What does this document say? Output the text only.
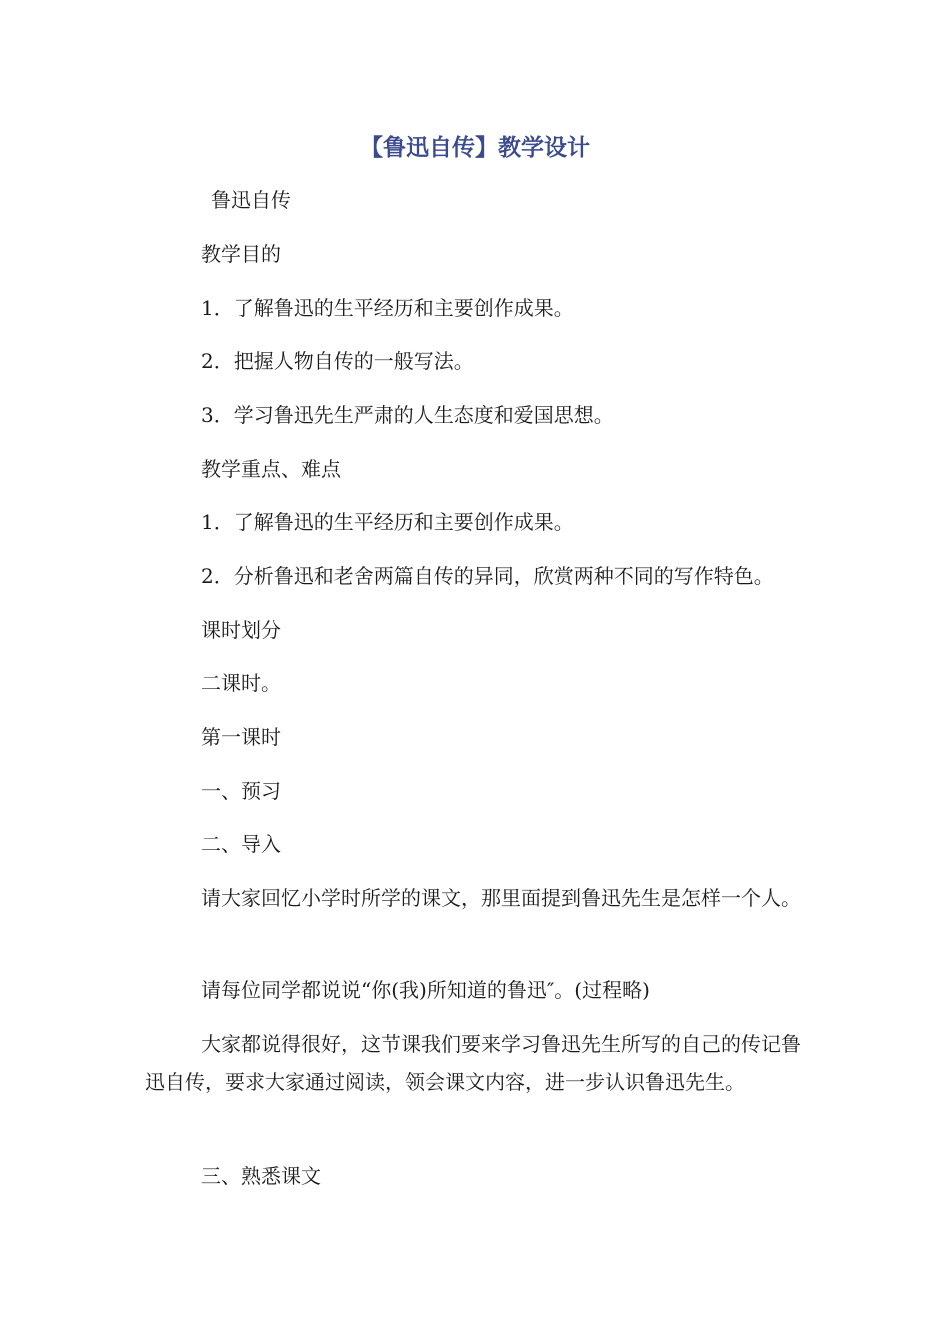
【鲁迅自传】教学设计

鲁迅自传

教学目的

1．了解鲁迅的生平经历和主要创作成果。

2．把握人物自传的一般写法。

3．学习鲁迅先生严肃的人生态度和爱国思想。

教学重点、难点

1．了解鲁迅的生平经历和主要创作成果。

2．分析鲁迅和老舍两篇自传的异同，欣赏两种不同的写作特色。

课时划分

二课时。

第一课时

一、预习

二、导入

请大家回忆小学时所学的课文，那里面提到鲁迅先生是怎样一个人。

请每位同学都说说“你(我)所知道的鲁迅″。(过程略)

大家都说得很好，这节课我们要来学习鲁迅先生所写的自己的传记鲁迅自传，要求大家通过阅读，领会课文内容，进一步认识鲁迅先生。

三、熟悉课文
